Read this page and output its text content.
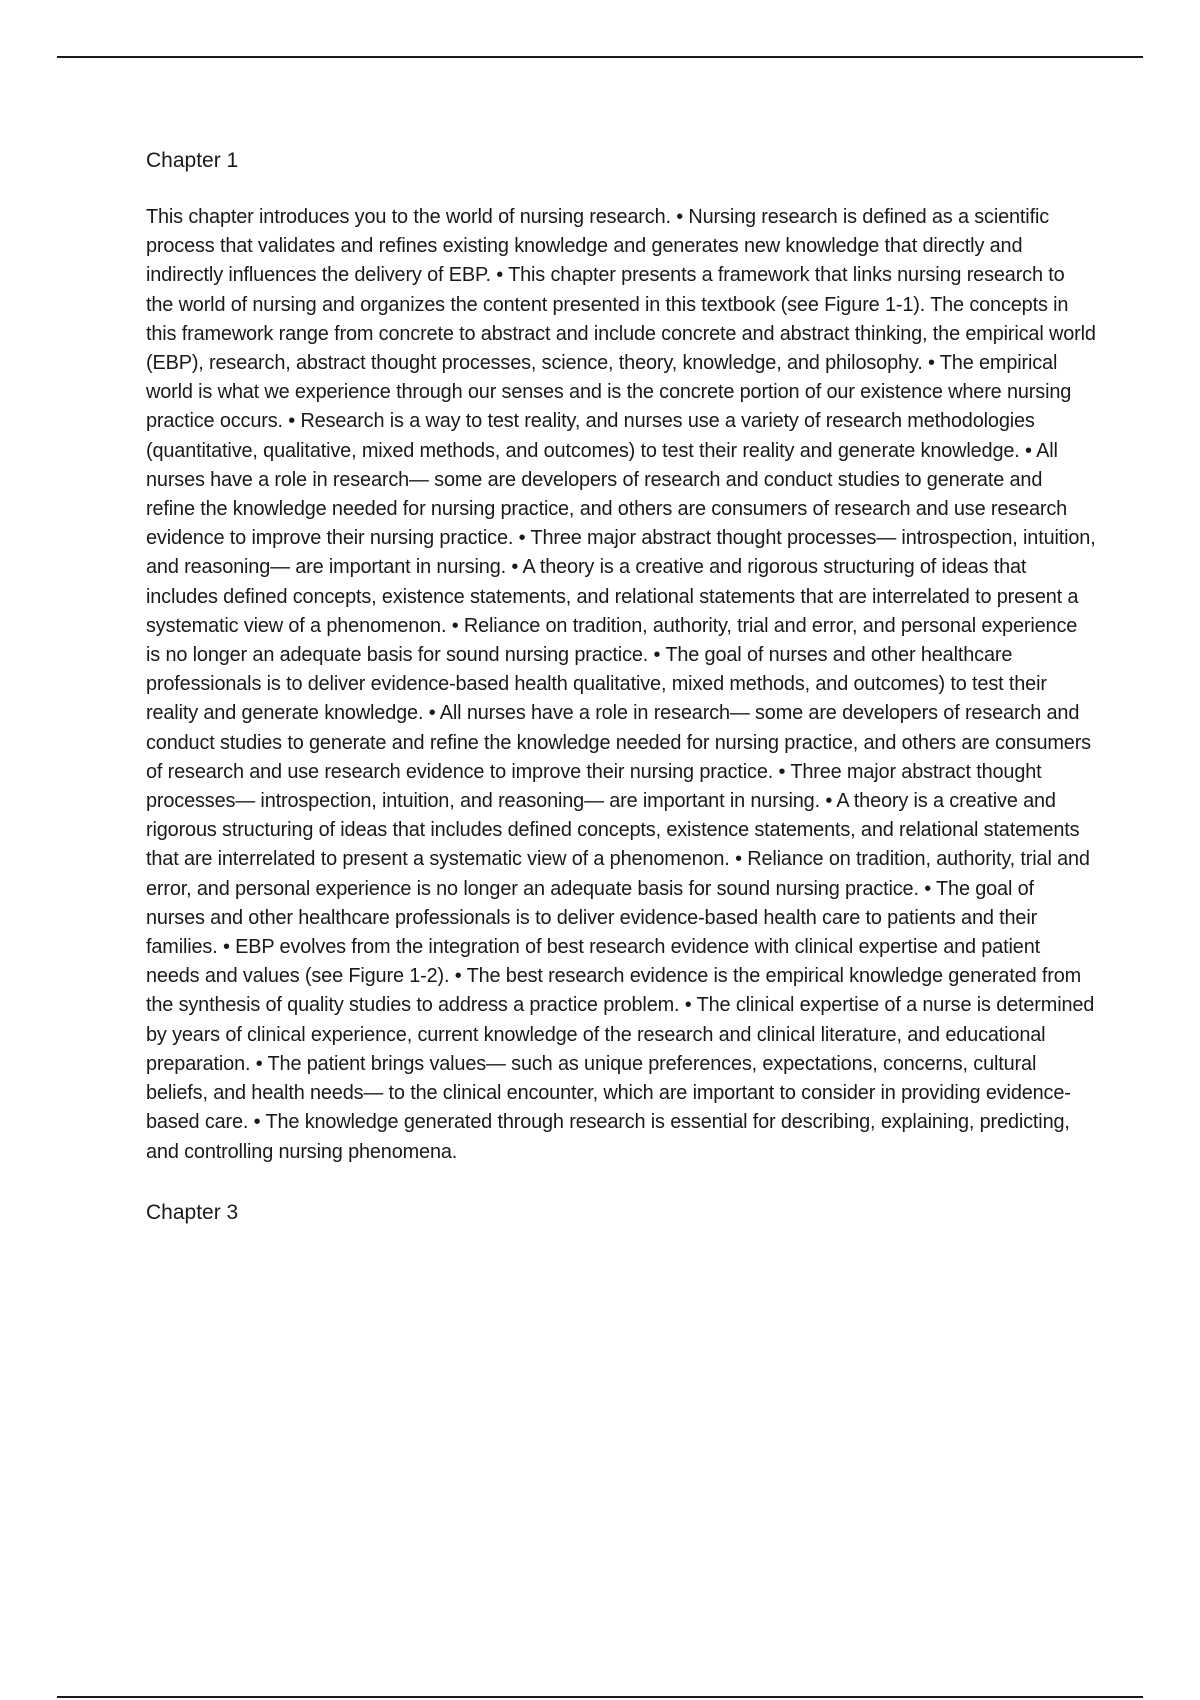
Chapter 1

This chapter introduces you to the world of nursing research. • Nursing research is defined as a scientific process that validates and refines existing knowledge and generates new knowledge that directly and indirectly influences the delivery of EBP. • This chapter presents a framework that links nursing research to the world of nursing and organizes the content presented in this textbook (see Figure 1-1). The concepts in this framework range from concrete to abstract and include concrete and abstract thinking, the empirical world (EBP), research, abstract thought processes, science, theory, knowledge, and philosophy. • The empirical world is what we experience through our senses and is the concrete portion of our existence where nursing practice occurs. • Research is a way to test reality, and nurses use a variety of research methodologies (quantitative, qualitative, mixed methods, and outcomes) to test their reality and generate knowledge. • All nurses have a role in research— some are developers of research and conduct studies to generate and refine the knowledge needed for nursing practice, and others are consumers of research and use research evidence to improve their nursing practice. • Three major abstract thought processes— introspection, intuition, and reasoning— are important in nursing. • A theory is a creative and rigorous structuring of ideas that includes defined concepts, existence statements, and relational statements that are interrelated to present a systematic view of a phenomenon. • Reliance on tradition, authority, trial and error, and personal experience is no longer an adequate basis for sound nursing practice. • The goal of nurses and other healthcare professionals is to deliver evidence-based health qualitative, mixed methods, and outcomes) to test their reality and generate knowledge. • All nurses have a role in research— some are developers of research and conduct studies to generate and refine the knowledge needed for nursing practice, and others are consumers of research and use research evidence to improve their nursing practice. • Three major abstract thought processes— introspection, intuition, and reasoning— are important in nursing. • A theory is a creative and rigorous structuring of ideas that includes defined concepts, existence statements, and relational statements that are interrelated to present a systematic view of a phenomenon. • Reliance on tradition, authority, trial and error, and personal experience is no longer an adequate basis for sound nursing practice. • The goal of nurses and other healthcare professionals is to deliver evidence-based health care to patients and their families. • EBP evolves from the integration of best research evidence with clinical expertise and patient needs and values (see Figure 1-2). • The best research evidence is the empirical knowledge generated from the synthesis of quality studies to address a practice problem. • The clinical expertise of a nurse is determined by years of clinical experience, current knowledge of the research and clinical literature, and educational preparation. • The patient brings values— such as unique preferences, expectations, concerns, cultural beliefs, and health needs— to the clinical encounter, which are important to consider in providing evidence-based care. • The knowledge generated through research is essential for describing, explaining, predicting, and controlling nursing phenomena.

Chapter 3
